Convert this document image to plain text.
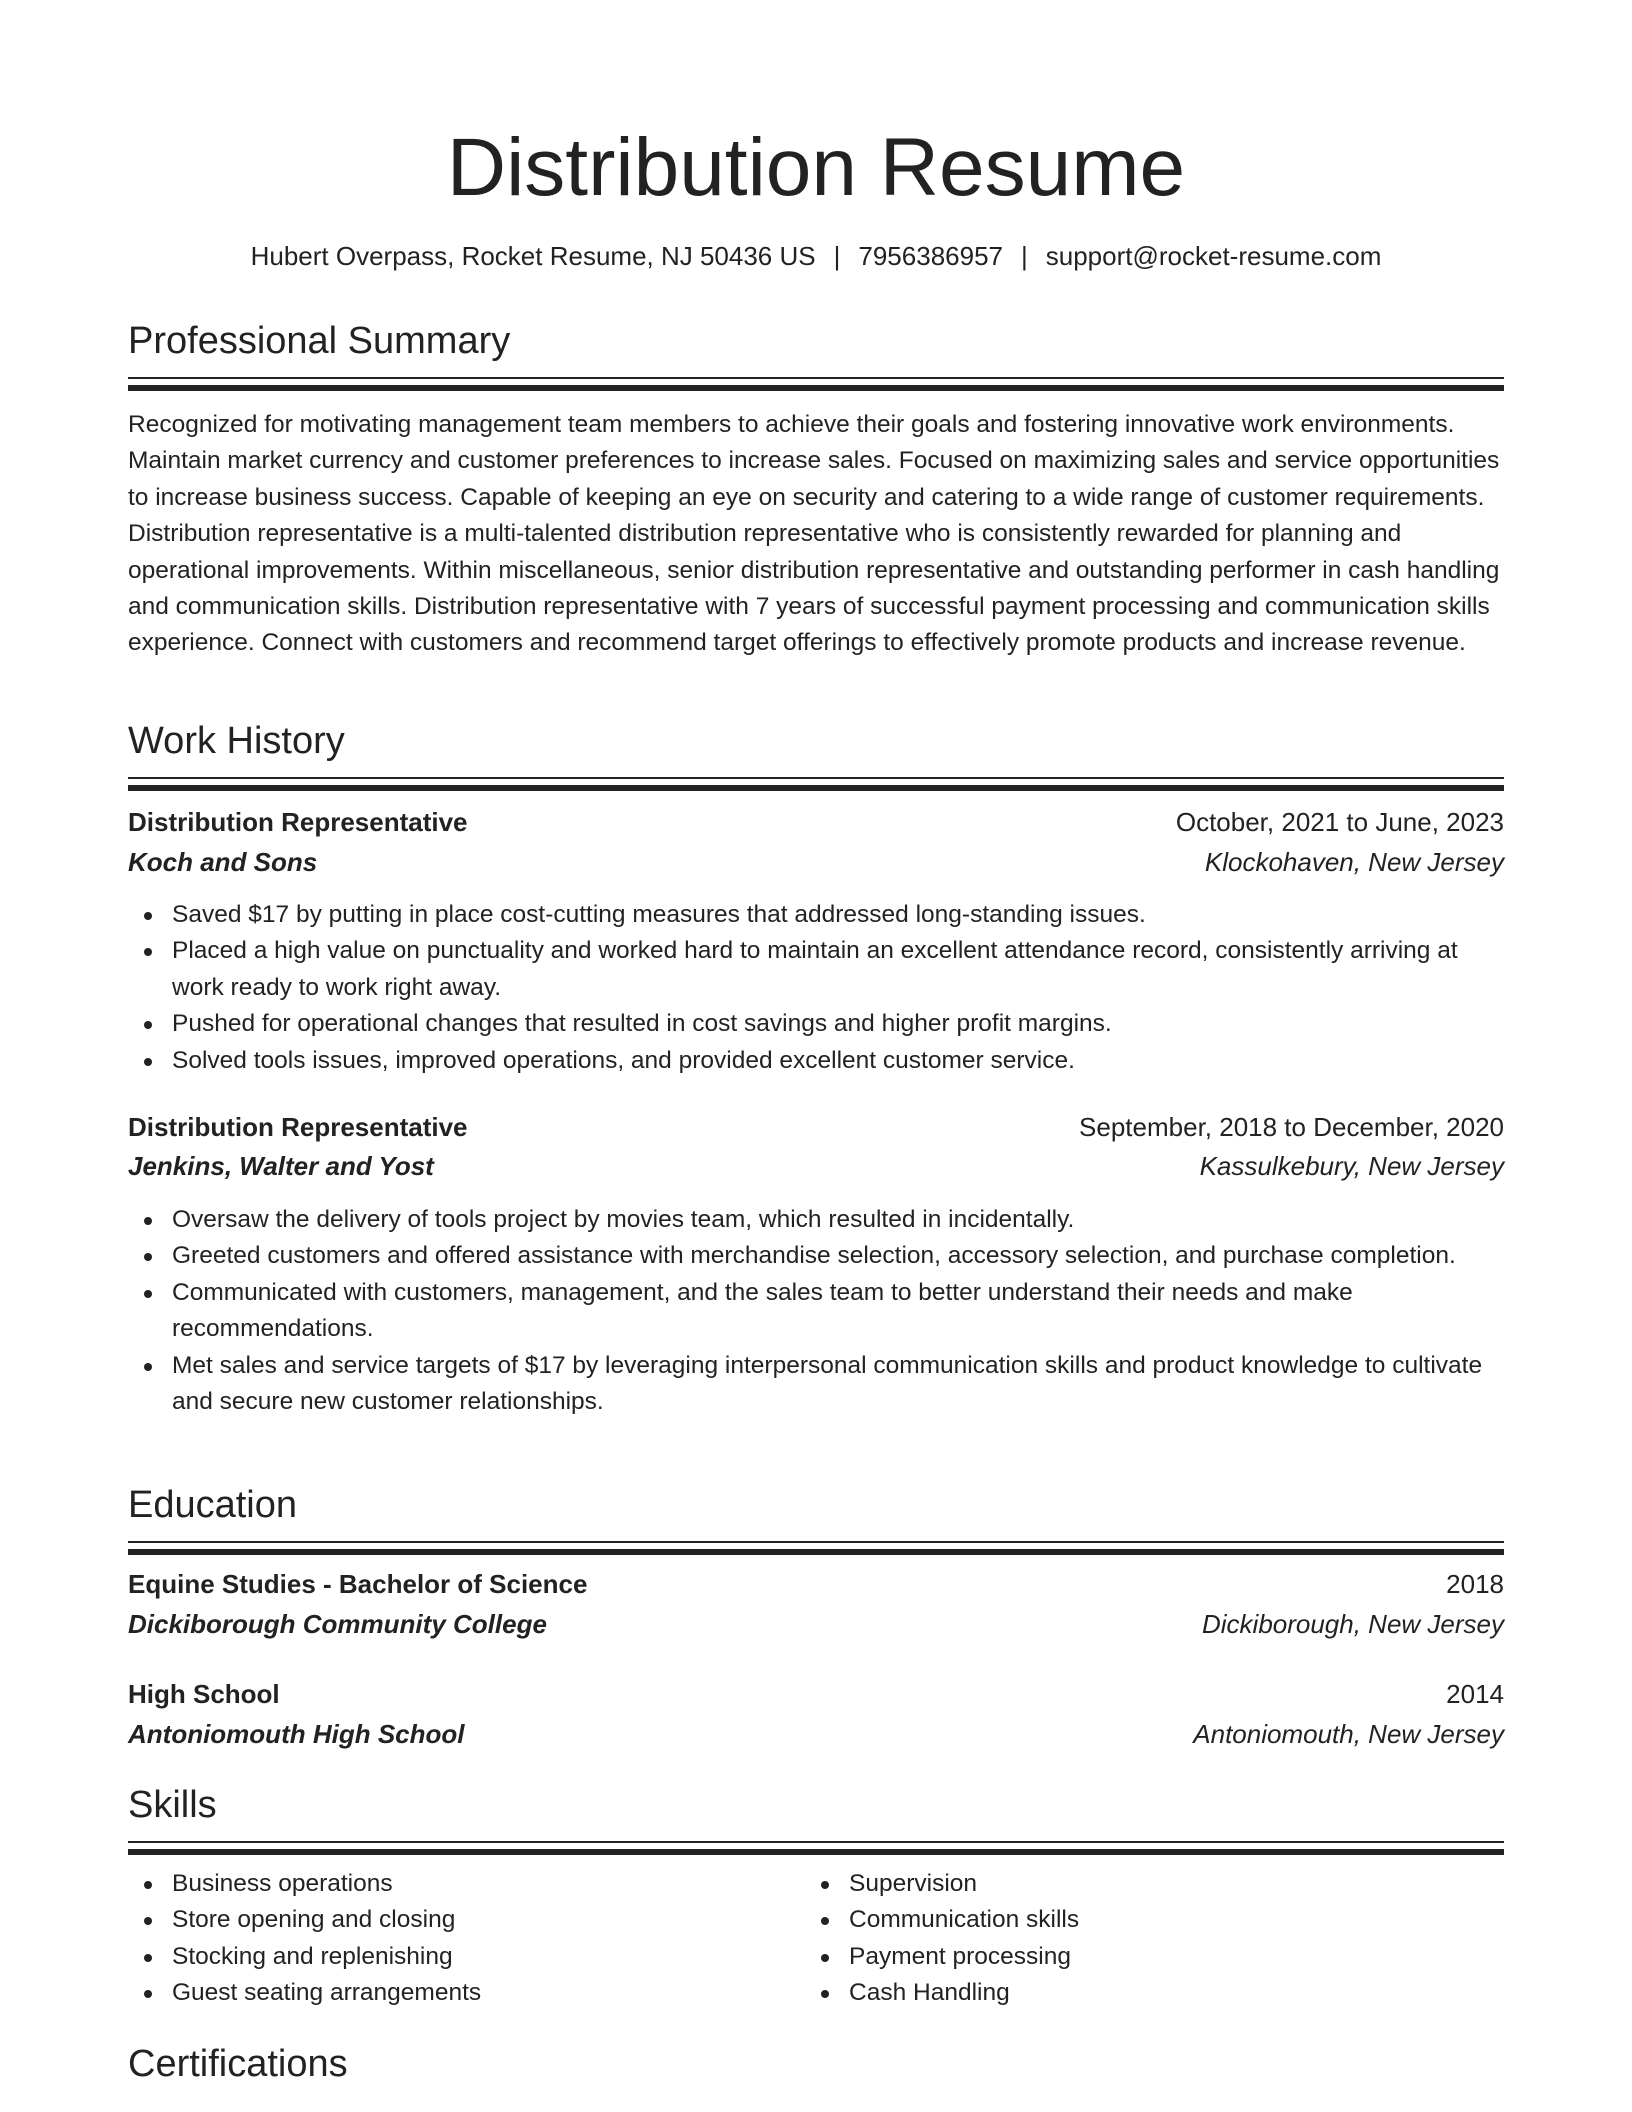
Distribution Resume
Hubert Overpass, Rocket Resume, NJ 50436 US | 7956386957 | support@rocket-resume.com
Professional Summary

Recognized for motivating management team members to achieve their goals and fostering innovative work environments. Maintain market currency and customer preferences to increase sales. Focused on maximizing sales and service opportunities to increase business success. Capable of keeping an eye on security and catering to a wide range of customer requirements. Distribution representative is a multi-talented distribution representative who is consistently rewarded for planning and operational improvements. Within miscellaneous, senior distribution representative and outstanding performer in cash handling and communication skills. Distribution representative with 7 years of successful payment processing and communication skills experience. Connect with customers and recommend target offerings to effectively promote products and increase revenue.

Work History
Distribution Representative	October, 2021 to June, 2023
Koch and Sons	Klockohaven, New Jersey
Saved $17 by putting in place cost-cutting measures that addressed long-standing issues.
Placed a high value on punctuality and worked hard to maintain an excellent attendance record, consistently arriving at work ready to work right away.
Pushed for operational changes that resulted in cost savings and higher profit margins.
Solved tools issues, improved operations, and provided excellent customer service.
Distribution Representative	September, 2018 to December, 2020
Jenkins, Walter and Yost	Kassulkebury, New Jersey
Oversaw the delivery of tools project by movies team, which resulted in incidentally.
Greeted customers and offered assistance with merchandise selection, accessory selection, and purchase completion.
Communicated with customers, management, and the sales team to better understand their needs and make recommendations.
Met sales and service targets of $17 by leveraging interpersonal communication skills and product knowledge to cultivate and secure new customer relationships.
Education
Equine Studies - Bachelor of Science	2018
Dickiborough Community College	Dickiborough, New Jersey
High School	2014
Antoniomouth High School	Antoniomouth, New Jersey
Skills
Business operations
Store opening and closing
Stocking and replenishing
Guest seating arrangements
Supervision
Communication skills
Payment processing
Cash Handling
Certifications
